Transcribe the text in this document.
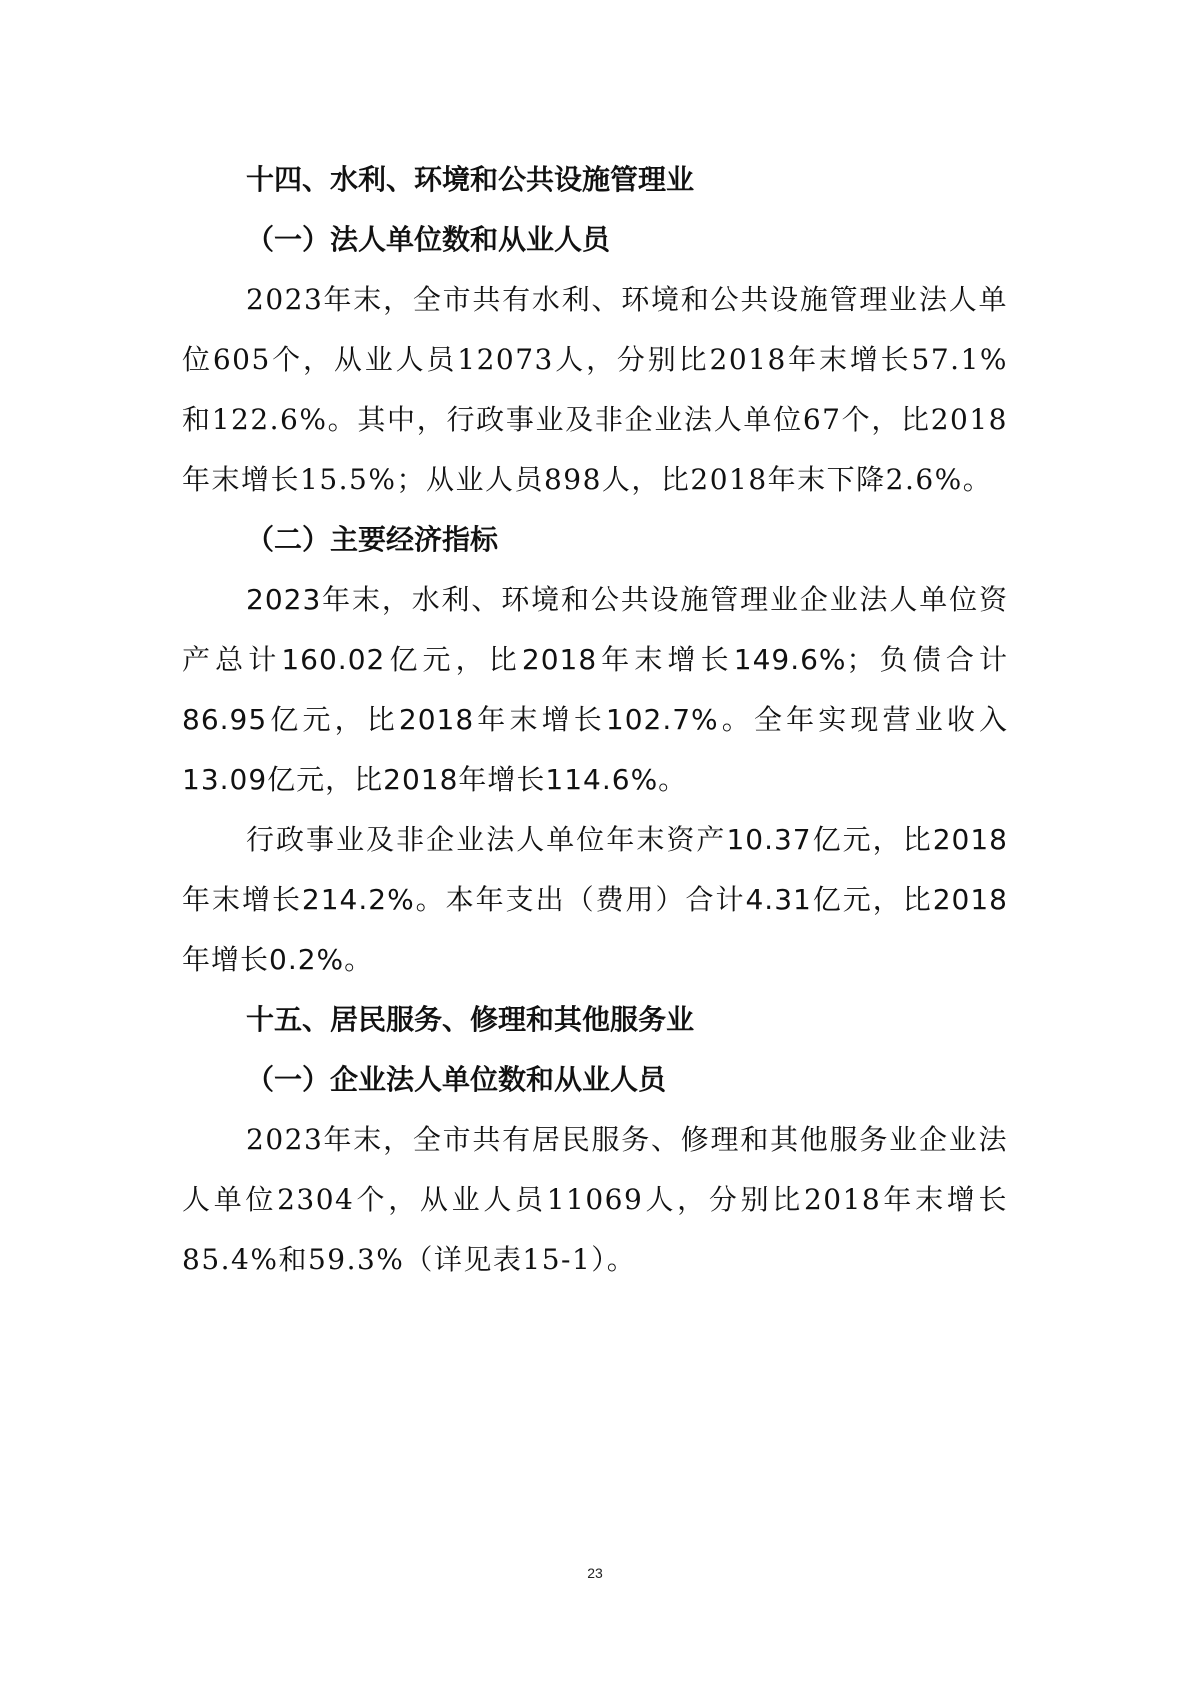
十四、水利、环境和公共设施管理业
（一）法人单位数和从业人员

2023年末，全市共有水利、环境和公共设施管理业法人单位605个，从业人员12073人，分别比2018年末增长57.1%和122.6%。其中，行政事业及非企业法人单位67个，比2018年末增长15.5%；从业人员898人，比2018年末下降2.6%。

（二）主要经济指标

2023年末，水利、环境和公共设施管理业企业法人单位资产总计160.02亿元，比2018年末增长149.6%；负债合计86.95亿元，比2018年末增长102.7%。全年实现营业收入13.09亿元，比2018年增长114.6%。

行政事业及非企业法人单位年末资产10.37亿元，比2018年末增长214.2%。本年支出（费用）合计4.31亿元，比2018年增长0.2%。

十五、居民服务、修理和其他服务业
（一）企业法人单位数和从业人员

2023年末，全市共有居民服务、修理和其他服务业企业法人单位2304个，从业人员11069人，分别比2018年末增长85.4%和59.3%（详见表15-1）。

23
